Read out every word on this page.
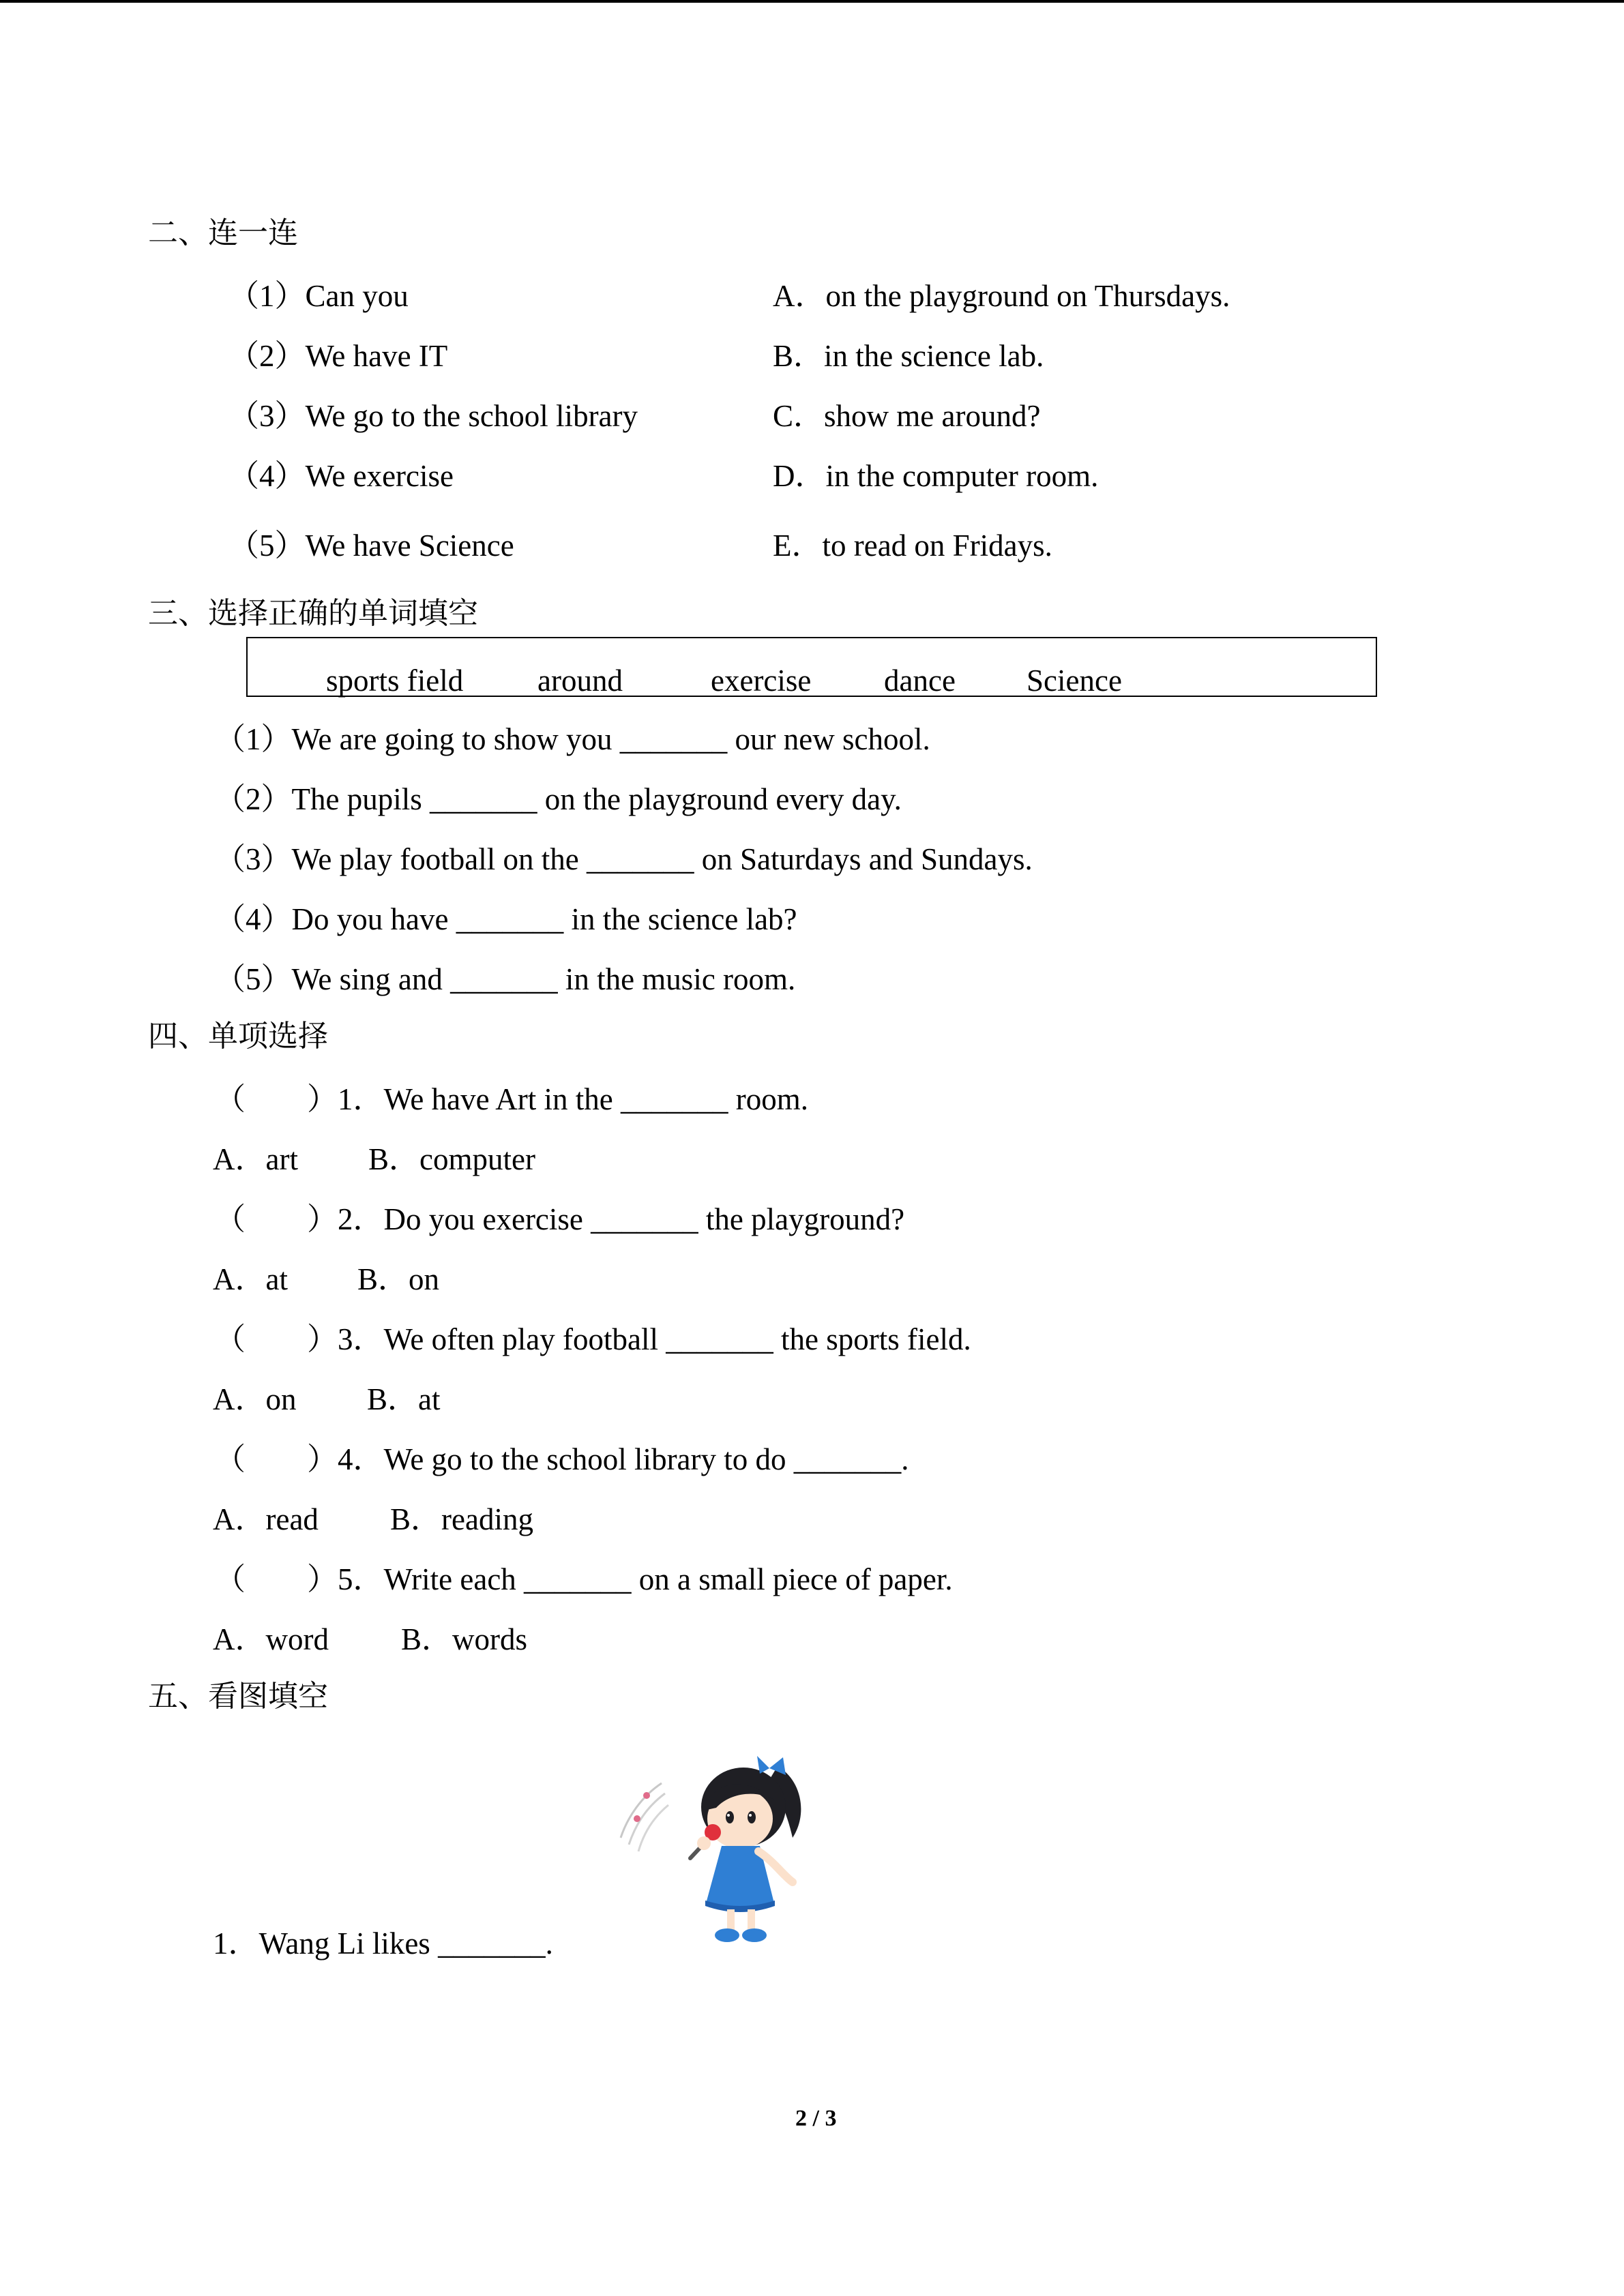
二、连一连
（1）Can you
（2）We have IT
（3）We go to the school library
（4）We exercise
（5）We have Science
A．on the playground on Thursdays.
B．in the science lab.
C．show me around?
D．in the computer room.
E．to read on Fridays.
三、选择正确的单词填空
sports field around	exercise dance Science
（1）We are going to show you _______ our new school.
（2）The pupils _______ on the playground every day.
（3）We play football on the _______ on Saturdays and Sundays.
（4）Do you have _______ in the science lab?
（5）We sing and _______ in the music room.
四、单项选择
（　　）1．We have Art in the _______ room.
A．art B．computer
（　　）2．Do you exercise _______ the playground?
A．at B．on
（　　）3．We often play football _______ the sports field.
A．on B．at
（　　）4．We go to the school library to do _______.
A．read B．reading
（　　）5．Write each _______ on a small piece of paper.
A．word B．words
五、看图填空
1．Wang Li likes _______.
2 / 3
